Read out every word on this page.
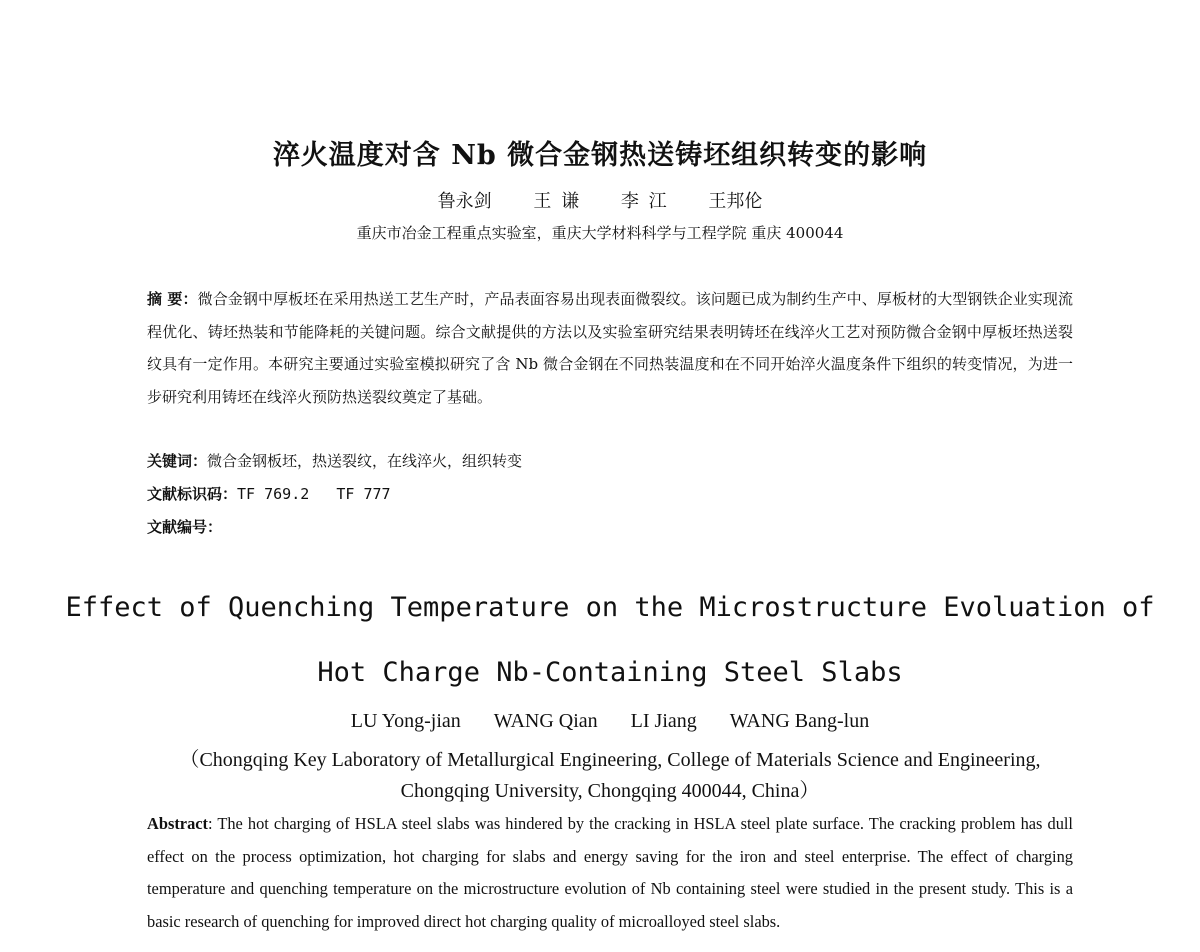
淬火温度对含 Nb 微合金钢热送铸坯组织转变的影响
鲁永剑 王 谦 李 江 王邦伦
重庆市冶金工程重点实验室，重庆大学材料科学与工程学院 重庆 400044
摘 要：微合金钢中厚板坯在采用热送工艺生产时，产品表面容易出现表面微裂纹。该问题已成为制约生产中、厚板材的大型钢铁企业实现流程优化、铸坯热装和节能降耗的关键问题。综合文献提供的方法以及实验室研究结果表明铸坯在线淬火工艺对预防微合金钢中厚板坯热送裂纹具有一定作用。本研究主要通过实验室模拟研究了含 Nb 微合金钢在不同热装温度和在不同开始淬火温度条件下组织的转变情况，为进一步研究利用铸坯在线淬火预防热送裂纹奠定了基础。
关键词：微合金钢板坯，热送裂纹，在线淬火，组织转变
文献标识码：TF 769.2   TF 777
文献编号：
Effect of Quenching Temperature on the Microstructure Evoluation of
Hot Charge Nb-Containing Steel Slabs
LU Yong-jian WANG Qian LI Jiang WANG Bang-lun
（Chongqing Key Laboratory of Metallurgical Engineering, College of Materials Science and Engineering,
Chongqing University, Chongqing 400044, China）
Abstract: The hot charging of HSLA steel slabs was hindered by the cracking in HSLA steel plate surface. The cracking problem has dull effect on the process optimization, hot charging for slabs and energy saving for the iron and steel enterprise. The effect of charging temperature and quenching temperature on the microstructure evolution of Nb containing steel were studied in the present study. This is a basic research of quenching for improved direct hot charging quality of microalloyed steel slabs.
